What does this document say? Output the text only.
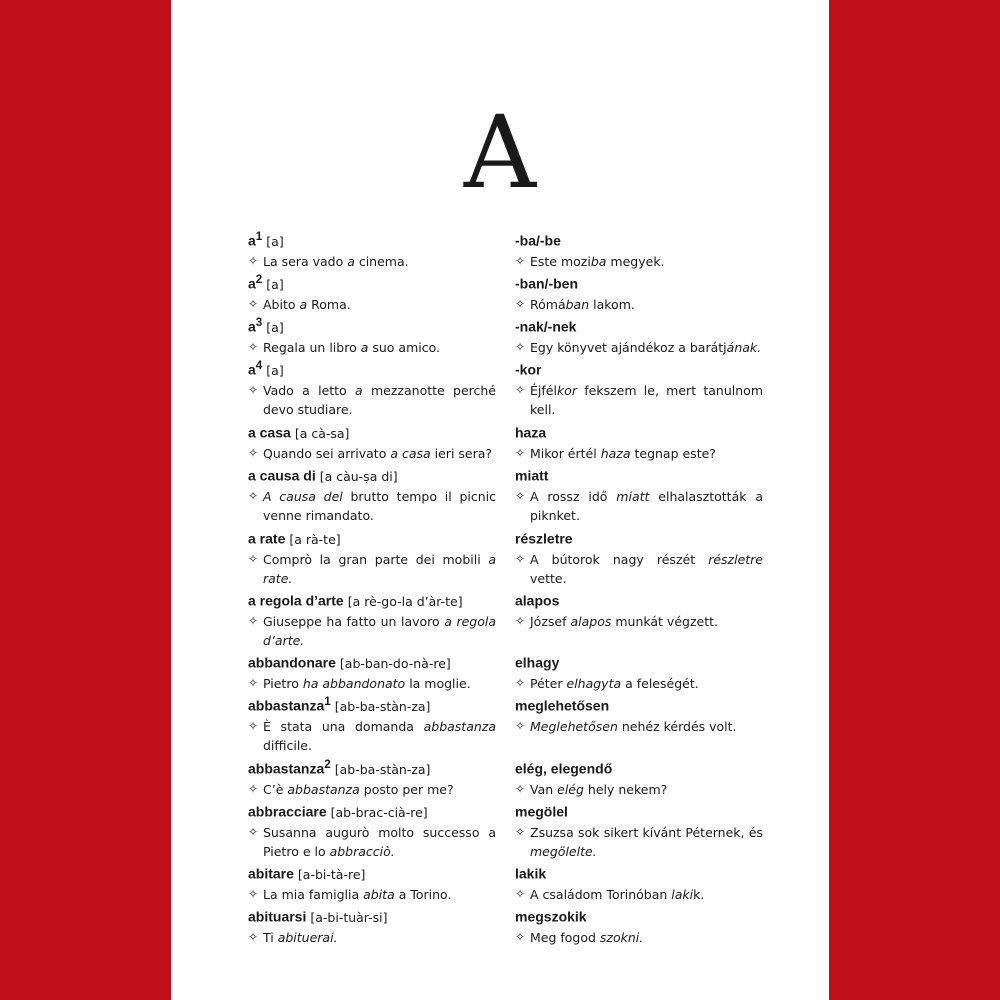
A
$a^1$ [a]
✧ La sera vado a cinema.
-ba/-be
✧ Este moziba megyek.
$a^2$ [a]
✧ Abito a Roma.
-ban/-ben
✧ Rómában lakom.
$a^3$ [a]
✧ Regala un libro a suo amico.
-nak/-nek
✧ Egy könyvet ajándékoz a barátjának.
$a^4$ [a]
✧ Vado a letto a mezzanotte perché devo studiare.
-kor
✧ Éjfélkor fekszem le, mert tanulnom kell.
a casa [a cà-sa]
✧ Quando sei arrivato a casa ieri sera?
haza
✧ Mikor értél haza tegnap este?
a causa di [a càu-ṣa di]
✧ A causa del brutto tempo il picnic venne rimandato.
miatt
✧ A rossz idő miatt elhalasztották a piknket.
a rate [a rà-te]
✧ Comprò la gran parte dei mobili a rate.
részletre
✧ A bútorok nagy részét részletre vette.
a regola d’arte [a rè-go-la d’àr-te]
✧ Giuseppe ha fatto un lavoro a regola d’arte.
alapos
✧ József alapos munkát végzett.
abbandonare [ab-ban-do-nà-re]
✧ Pietro ha abbandonato la moglie.
elhagy
✧ Péter elhagyta a feleségét.
abbastanza$^1$ [ab-ba-stàn-za]
✧ È stata una domanda abbastanza difficile.
meglehetősen
✧ Meglehetősen nehéz kérdés volt.
abbastanza$^2$ [ab-ba-stàn-za]
✧ C’è abbastanza posto per me?
elég, elegendő
✧ Van elég hely nekem?
abbracciare [ab-brac-cià-re]
✧ Susanna augurò molto successo a Pietro e lo abbracciò.
megölel
✧ Zsuzsa sok sikert kívánt Péternek, és megölelte.
abitare [a-bi-tà-re]
✧ La mia famiglia abita a Torino.
lakik
✧ A családom Torinóban lakik.
abituarsi [a-bi-tuàr-si]
✧ Ti abituerai.
megszokik
✧ Meg fogod szokni.
